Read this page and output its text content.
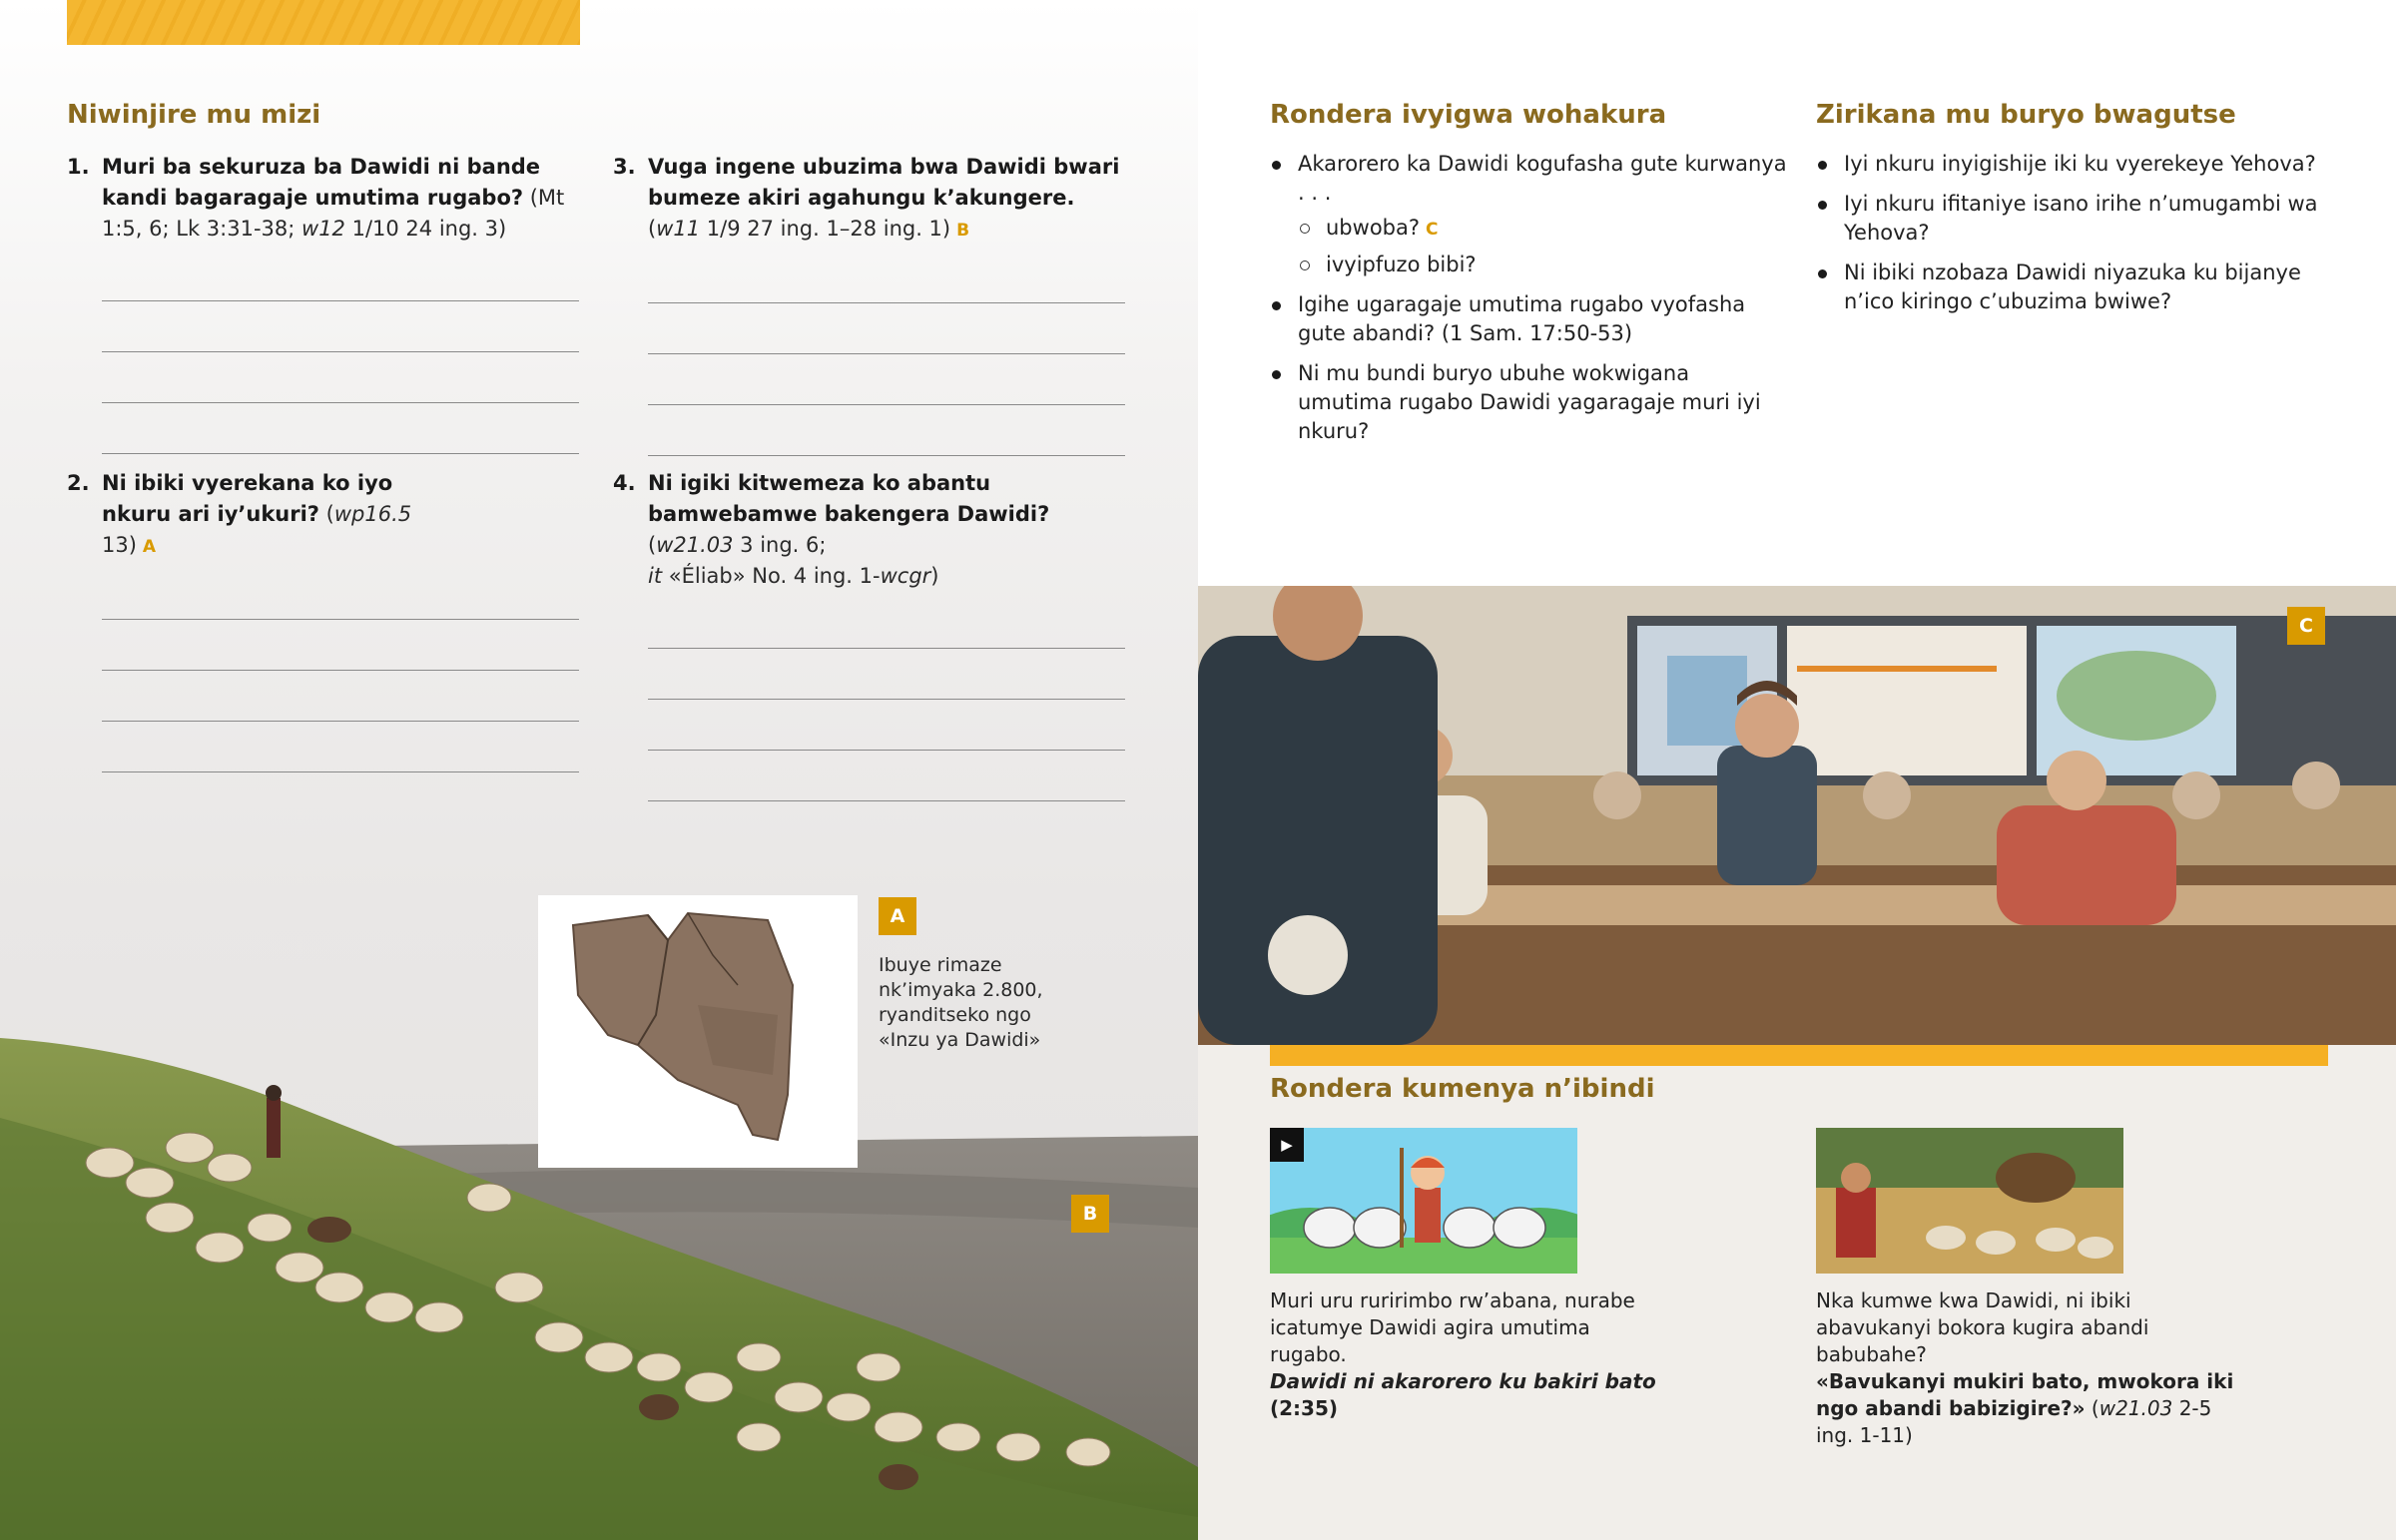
Niwinjire mu mizi
1. Muri ba sekuruza ba Dawidi ni bande kandi bagaragaje umutima rugabo? (Mt 1:5, 6; Lk 3:31-38; w12 1/10 24 ing. 3)
3. Vuga ingene ubuzima bwa Dawidi bwari bumeze akiri agahungu k’akungere. (w11 1/9 27 ing. 1–28 ing. 1) B
2. Ni ibiki vyerekana ko iyo nkuru ari iy’ukuri? (wp16.5 13) A
4. Ni igiki kitwemeza ko abantu bamwebamwe bakengera Dawidi? (w21.03 3 ing. 6;
it «Éliab» No. 4 ing. 1-wcgr)
A
Ibuye rimaze nk’imyaka 2.800, ryanditseko ngo «Inzu ya Dawidi»
B
Rondera ivyigwa wohakura
Akarorero ka Dawidi kogufasha gute kurwanya . . .
ubwoba? C
ivyipfuzo bibi?
Igihe ugaragaje umutima rugabo vyofasha gute abandi? (1 Sam. 17:50-53)
Ni mu bundi buryo ubuhe wokwigana umutima rugabo Dawidi yagaragaje muri iyi nkuru?
Zirikana mu buryo bwagutse
Iyi nkuru inyigishije iki ku vyerekeye Yehova?
Iyi nkuru ifitaniye isano irihe n’umugambi wa Yehova?
Ni ibiki nzobaza Dawidi niyazuka ku bijanye n’ico kiringo c’ubuzima bwiwe?
C
Rondera kumenya n’ibindi
▶
Muri uru ruririmbo rw’abana, nurabe icatumye Dawidi agira umutima rugabo.
Dawidi ni akarorero ku bakiri bato (2:35)
Nka kumwe kwa Dawidi, ni ibiki abavukanyi bokora kugira abandi babubahe?
«Bavukanyi mukiri bato, mwokora iki ngo abandi babizigire?» (w21.03 2-5 ing. 1-11)
